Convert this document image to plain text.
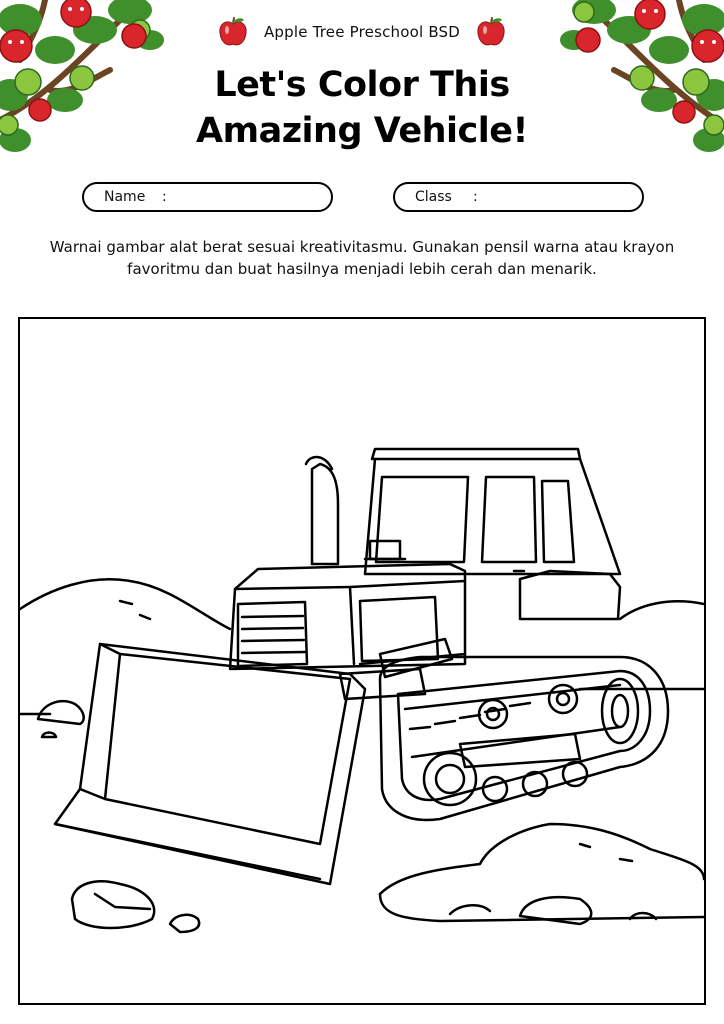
Apple Tree Preschool BSD
Let's Color This
Amazing Vehicle!
Name :	Class :
Warnai gambar alat berat sesuai kreativitasmu. Gunakan pensil warna atau krayon favoritmu dan buat hasilnya menjadi lebih cerah dan menarik.
